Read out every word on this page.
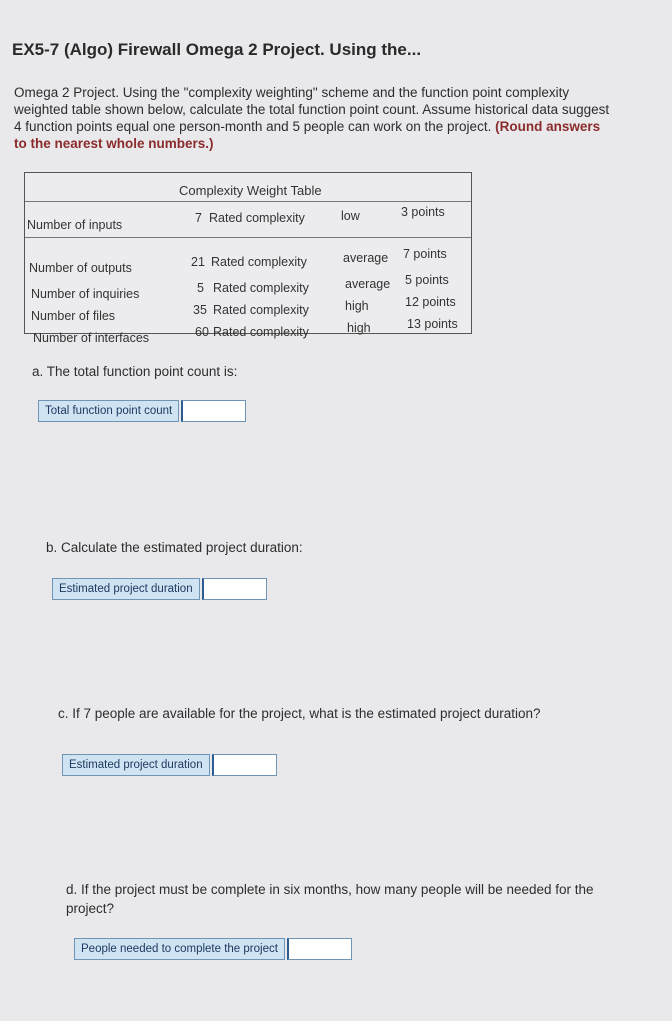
EX5-7 (Algo) Firewall Omega 2 Project. Using the...
Omega 2 Project. Using the "complexity weighting" scheme and the function point complexity weighted table shown below, calculate the total function point count. Assume historical data suggest 4 function points equal one person-month and 5 people can work on the project. (Round answers to the nearest whole numbers.)
Complexity Weight Table
Number of inputs	7 Rated complexity	low	3 points
Number of outputs	21 Rated complexity	average 7 points
Number of inquiries	5 Rated complexity	average 5 points
Number of files	35 Rated complexity	high	12 points
Number of interfaces	60 Rated complexity	high	13 points
a. The total function point count is:
Total function point count
b. Calculate the estimated project duration:
Estimated project duration
c. If 7 people are available for the project, what is the estimated project duration?
Estimated project duration
d. If the project must be complete in six months, how many people will be needed for the project?
People needed to complete the project
